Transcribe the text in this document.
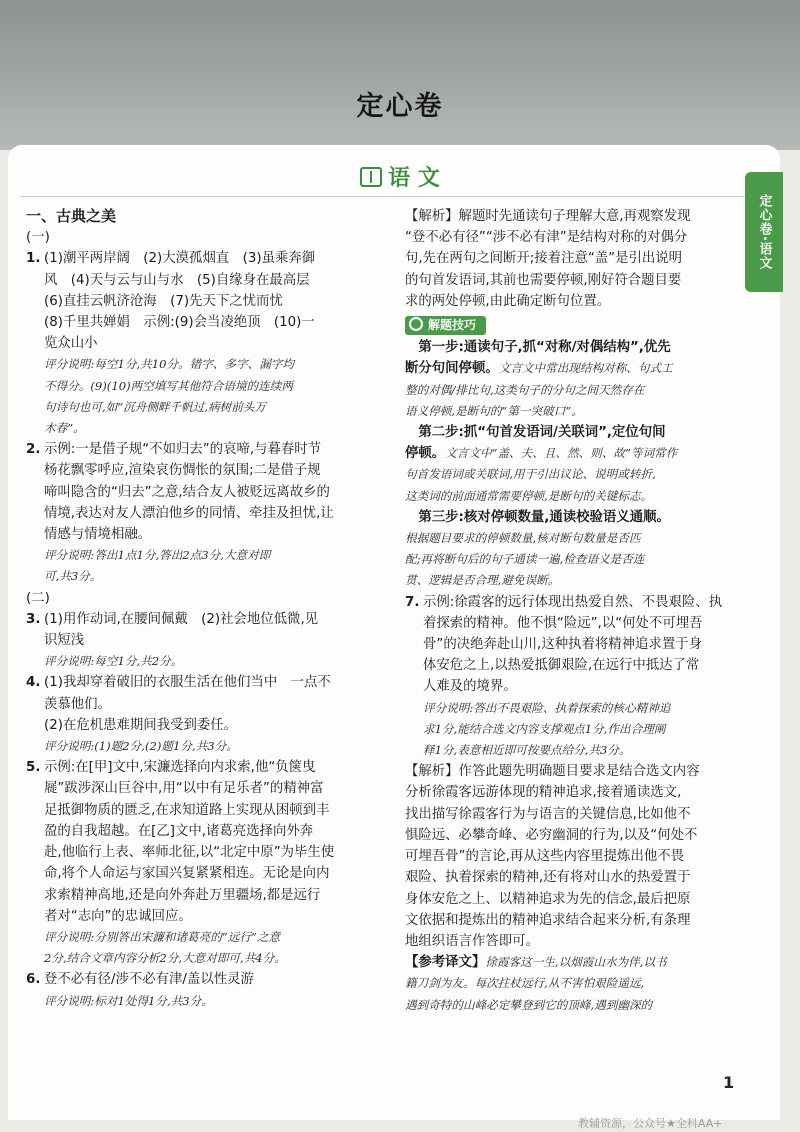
定心卷
语 文
定心卷·语文
一、古典之美
(一)
1. (1)潮平两岸阔　(2)大漠孤烟直　(3)虽乘奔御
风　(4)天与云与山与水　(5)自缘身在最高层
(6)直挂云帆济沧海　(7)先天下之忧而忧
(8)千里共婵娟　示例:(9)会当凌绝顶　(10)一
览众山小
评分说明:每空1分,共10分。错字、多字、漏字均
不得分。(9)(10)两空填写其他符合语境的连续两
句诗句也可,如“沉舟侧畔千帆过,病树前头万
木春”。
2. 示例:一是借子规“不如归去”的哀啼,与暮春时节
杨花飘零呼应,渲染哀伤惆怅的氛围;二是借子规
啼叫隐含的“归去”之意,结合友人被贬远离故乡的
情境,表达对友人漂泊他乡的同情、牵挂及担忧,让
情感与情境相融。
评分说明:答出1点1分,答出2点3分,大意对即
可,共3分。
(二)
3. (1)用作动词,在腰间佩戴　(2)社会地位低微,见
识短浅
评分说明:每空1分,共2分。
4. (1)我却穿着破旧的衣服生活在他们当中　一点不
羡慕他们。
(2)在危机患难期间我受到委任。
评分说明:(1)题2分,(2)题1分,共3分。
5. 示例:在[甲]文中,宋濂选择向内求索,他“负箧曳
屣”跋涉深山巨谷中,用“以中有足乐者”的精神富
足抵御物质的匮乏,在求知道路上实现从困顿到丰
盈的自我超越。在[乙]文中,诸葛亮选择向外奔
赴,他临行上表、率师北征,以“北定中原”为毕生使
命,将个人命运与家国兴复紧紧相连。无论是向内
求索精神高地,还是向外奔赴万里疆场,都是远行
者对“志向”的忠诚回应。
评分说明:分别答出宋濂和诸葛亮的“远行”之意
2分,结合文章内容分析2分,大意对即可,共4分。
6. 登不必有径/涉不必有津/盖以性灵游
评分说明:标对1处得1分,共3分。
【解析】解题时先通读句子理解大意,再观察发现
“登不必有径”“涉不必有津”是结构对称的对偶分
句,先在两句之间断开;接着注意“盖”是引出说明
的句首发语词,其前也需要停顿,刚好符合题目要
求的两处停顿,由此确定断句位置。
解题技巧
　第一步:通读句子,抓“对称/对偶结构”,优先
断分句间停顿。文言文中常出现结构对称、句式工
整的对偶/排比句,这类句子的分句之间天然存在
语义停顿,是断句的“第一突破口”。
　第二步:抓“句首发语词/关联词”,定位句间
停顿。文言文中“盖、夫、且、然、则、故”等词常作
句首发语词或关联词,用于引出议论、说明或转折,
这类词的前面通常需要停顿,是断句的关键标志。
　第三步:核对停顿数量,通读校验语义通顺。
根据题目要求的停顿数量,核对断句数量是否匹
配;再将断句后的句子通读一遍,检查语义是否连
贯、逻辑是否合理,避免误断。
7. 示例:徐霞客的远行体现出热爱自然、不畏艰险、执
着探索的精神。他不惧“险远”,以“何处不可埋吾
骨”的决绝奔赴山川,这种执着将精神追求置于身
体安危之上,以热爱抵御艰险,在远行中抵达了常
人难及的境界。
评分说明:答出不畏艰险、执着探索的核心精神追
求1分,能结合选文内容支撑观点1分,作出合理阐
释1分,表意相近即可按要点给分,共3分。
【解析】作答此题先明确题目要求是结合选文内容
分析徐霞客远游体现的精神追求,接着通读选文,
找出描写徐霞客行为与语言的关键信息,比如他不
惧险远、必攀奇峰、必穷幽洞的行为,以及“何处不
可埋吾骨”的言论,再从这些内容里提炼出他不畏
艰险、执着探索的精神,还有将对山水的热爱置于
身体安危之上、以精神追求为先的信念,最后把原
文依据和提炼出的精神追求结合起来分析,有条理
地组织语言作答即可。
【参考译文】徐霞客这一生,以烟霞山水为伴,以书
籍刀剑为友。每次拄杖远行,从不害怕艰险遥远,
遇到奇特的山峰必定攀登到它的顶峰,遇到幽深的
1
教辅资源，公众号★全科AA+
